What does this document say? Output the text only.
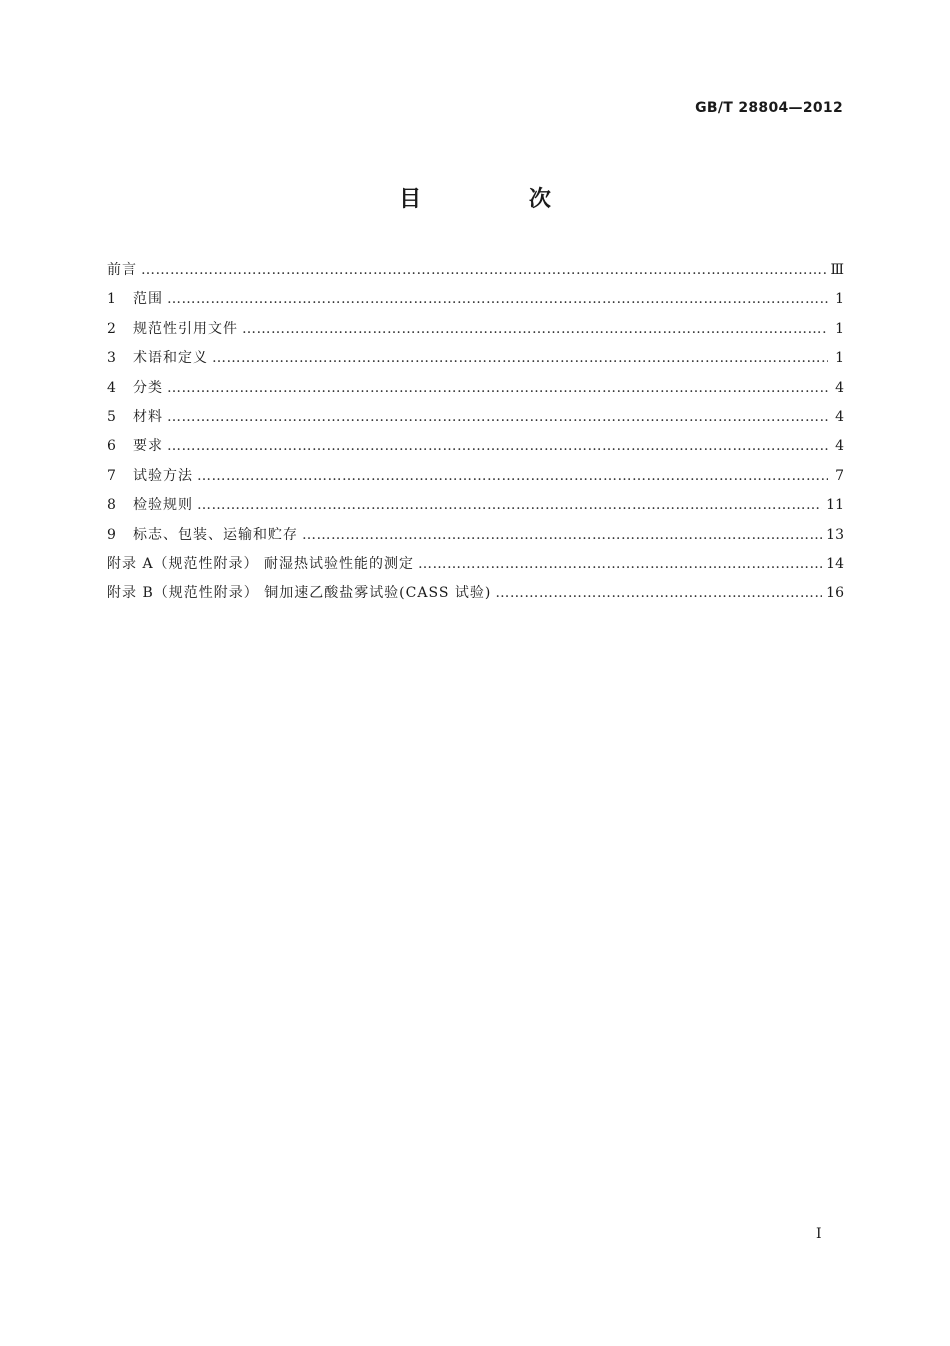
GB/T 28804—2012
目 次
前言 …………………………………………………………………………………………………………………………………………………………	Ⅲ
1	范围 …………………………………………………………………………………………………………………………………………………………	1
2	规范性引用文件 …………………………………………………………………………………………………………………………………………………………	1
3	术语和定义 …………………………………………………………………………………………………………………………………………………………	1
4	分类 …………………………………………………………………………………………………………………………………………………………	4
5	材料 …………………………………………………………………………………………………………………………………………………………	4
6	要求 …………………………………………………………………………………………………………………………………………………………	4
7	试验方法 …………………………………………………………………………………………………………………………………………………………	7
8	检验规则 …………………………………………………………………………………………………………………………………………………………	11
9	标志、包装、运输和贮存 …………………………………………………………………………………………………………………………………………………………	13
附录 A（规范性附录） 耐湿热试验性能的测定 …………………………………………………………………………………………………………………………………………………………	14
附录 B（规范性附录） 铜加速乙酸盐雾试验(CASS 试验) …………………………………………………………………………………………………………………………………………………………	16
I
